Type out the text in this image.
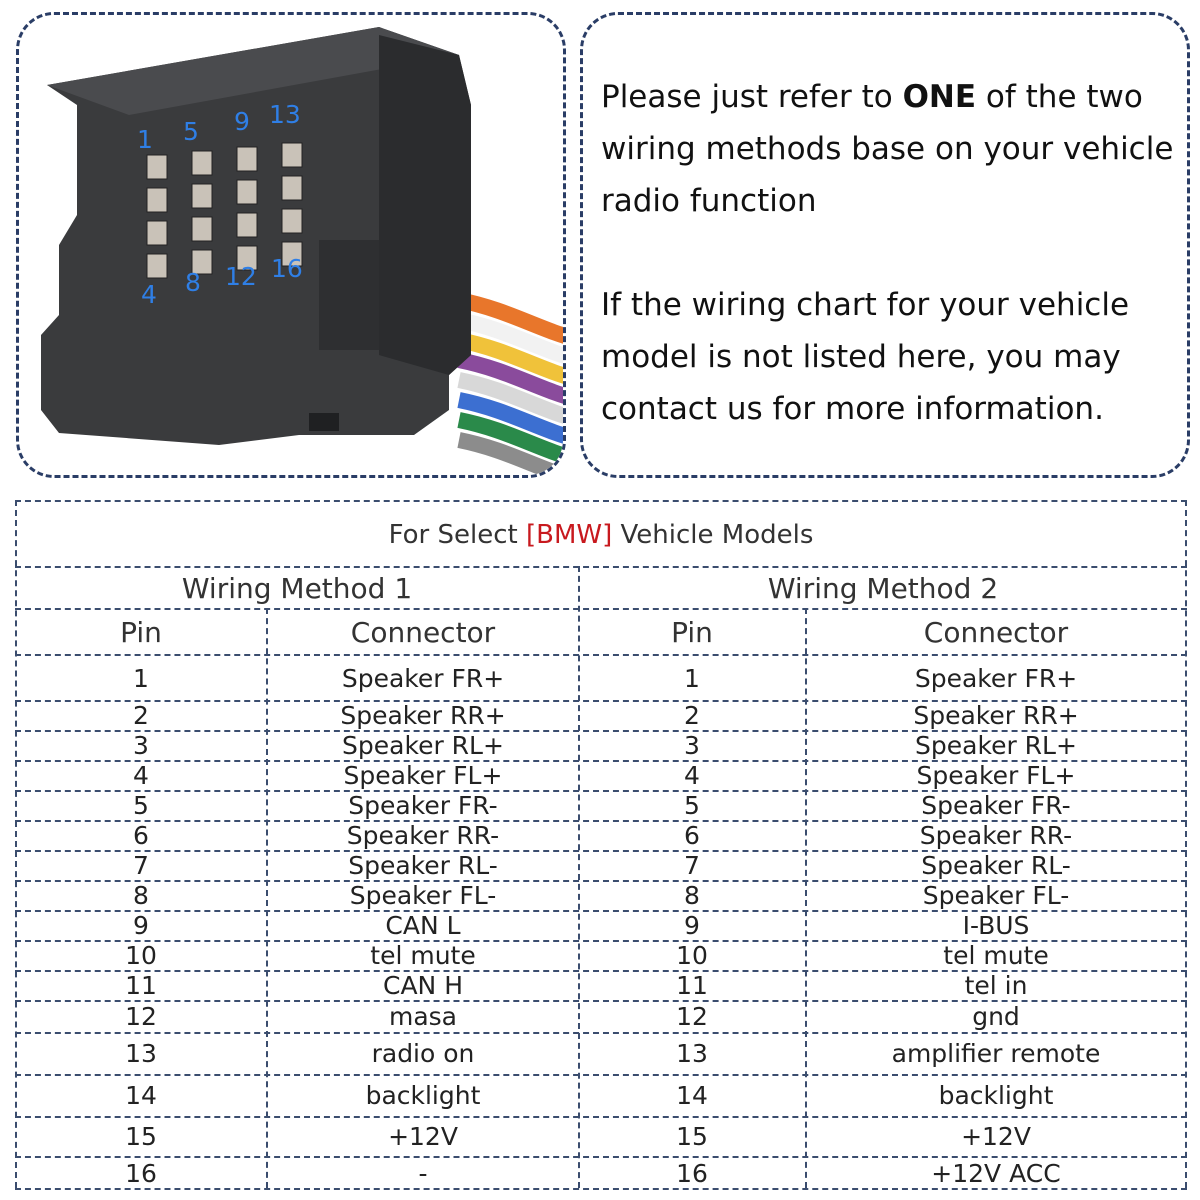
1 5 9 13
4 8 12 16
Please just refer to ONE of the two wiring methods base on your vehicle radio function
If the wiring chart for your vehicle model is not listed here, you may contact us for more information.
For Select
[BMW]
Vehicle Models
Wiring Method 1	Wiring Method 2
Pin	Connector	Pin	Connector
1	Speaker FR+	1	Speaker FR+
2	Speaker RR+	2	Speaker RR+
3	Speaker RL+	3	Speaker RL+
4	Speaker FL+	4	Speaker FL+
5	Speaker FR-	5	Speaker FR-
6	Speaker RR-	6	Speaker RR-
7	Speaker RL-	7	Speaker RL-
8	Speaker FL-	8	Speaker FL-
9	CAN L	9	I-BUS
10	tel mute	10	tel mute
11	CAN H	11	tel in
12	masa	12	gnd
13	radio on	13	amplifier remote
14	backlight	14	backlight
15	+12V	15	+12V
16	-	16	+12V ACC
